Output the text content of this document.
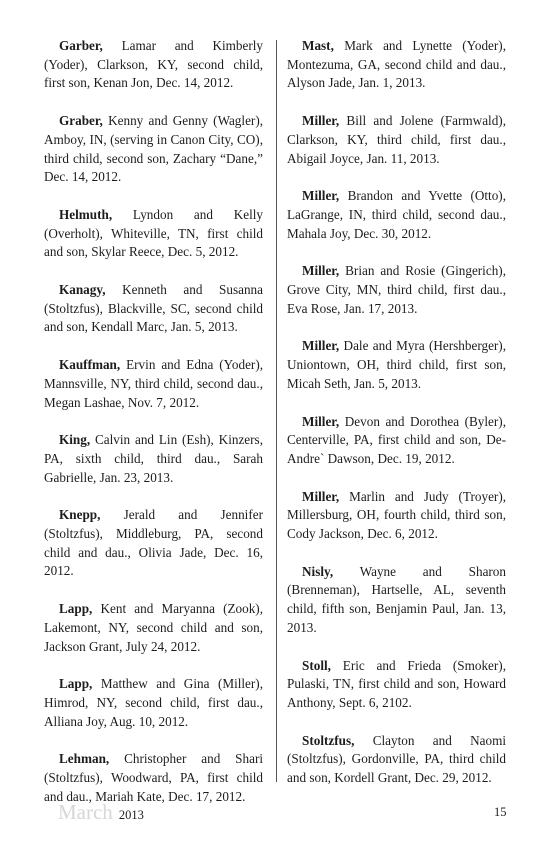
Garber, Lamar and Kimberly (Yoder), Clarkson, KY, second child, first son, Kenan Jon, Dec. 14, 2012.

Graber, Kenny and Genny (Wagler), Amboy, IN, (serving in Canon City, CO), third child, second son, Zachary “Dane,” Dec. 14, 2012.

Helmuth, Lyndon and Kelly (Overholt), Whiteville, TN, first child and son, Skylar Reece, Dec. 5, 2012.

Kanagy, Kenneth and Susanna (Stoltzfus), Blackville, SC, second child and son, Kendall Marc, Jan. 5, 2013.

Kauffman, Ervin and Edna (Yoder), Mannsville, NY, third child, second dau., Megan Lashae, Nov. 7, 2012.

King, Calvin and Lin (Esh), Kinzers, PA, sixth child, third dau., Sarah Gabrielle, Jan. 23, 2013.

Knepp, Jerald and Jennifer (Stoltzfus), Middleburg, PA, second child and dau., Olivia Jade, Dec. 16, 2012.

Lapp, Kent and Maryanna (Zook), Lakemont, NY, second child and son, Jackson Grant, July 24, 2012.

Lapp, Matthew and Gina (Miller), Himrod, NY, second child, first dau., Alliana Joy, Aug. 10, 2012.

Lehman, Christopher and Shari (Stoltzfus), Woodward, PA, first child and dau., Mariah Kate, Dec. 17, 2012.

Mast, Mark and Lynette (Yoder), Montezuma, GA, second child and dau., Alyson Jade, Jan. 1, 2013.

Miller, Bill and Jolene (Farmwald), Clarkson, KY, third child, first dau., Abigail Joyce, Jan. 11, 2013.

Miller, Brandon and Yvette (Otto), LaGrange, IN, third child, second dau., Mahala Joy, Dec. 30, 2012.

Miller, Brian and Rosie (Gingerich), Grove City, MN, third child, first dau., Eva Rose, Jan. 17, 2013.

Miller, Dale and Myra (Hershberger), Uniontown, OH, third child, first son, Micah Seth, Jan. 5, 2013.

Miller, Devon and Dorothea (Byler), Centerville, PA, first child and son, De-Andre` Dawson, Dec. 19, 2012.

Miller, Marlin and Judy (Troyer), Millersburg, OH, fourth child, third son, Cody Jackson, Dec. 6, 2012.

Nisly, Wayne and Sharon (Brenneman), Hartselle, AL, seventh child, fifth son, Benjamin Paul, Jan. 13, 2013.

Stoll, Eric and Frieda (Smoker), Pulaski, TN, first child and son, Howard Anthony, Sept. 6, 2102.

Stoltzfus, Clayton and Naomi (Stoltzfus), Gordonville, PA, third child and son, Kordell Grant, Dec. 29, 2012.

March 2013	15
